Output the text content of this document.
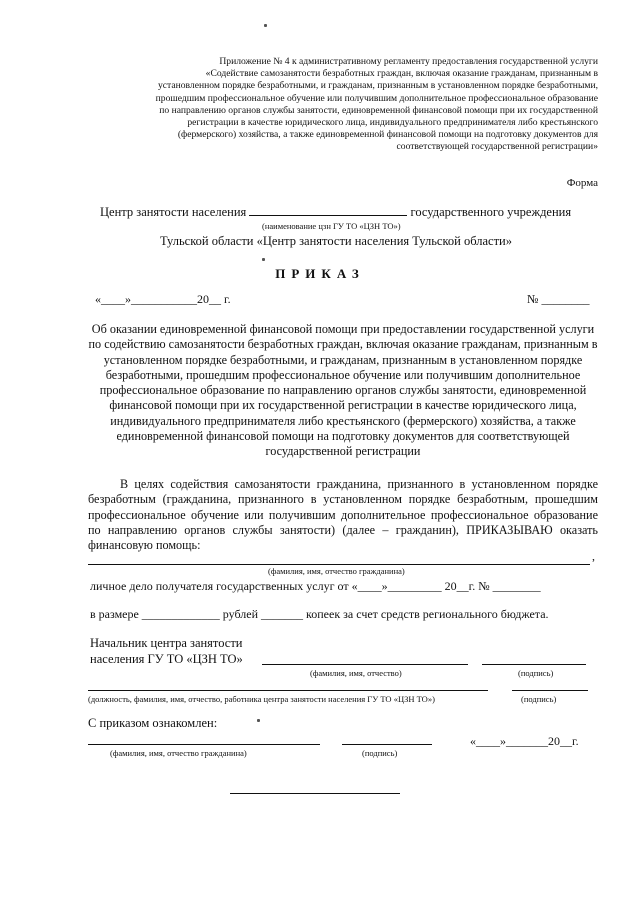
Приложение № 4 к административному регламенту предоставления государственной услуги
«Содействие самозанятости безработных граждан, включая оказание гражданам, признанным в
установленном порядке безработными, и гражданам, признанным в установленном порядке безработными,
прошедшим профессиональное обучение или получившим дополнительное профессиональное образование
по направлению органов службы занятости, единовременной финансовой помощи при их государственной
регистрации в качестве юридического лица, индивидуального предпринимателя либо крестьянского
(фермерского) хозяйства, а также единовременной финансовой помощи на подготовку документов для
соответствующей государственной регистрации»
Форма
Центр занятости населения	государственного учреждения
(наименование цзн ГУ ТО «ЦЗН ТО»)
Тульской области «Центр занятости населения Тульской области»
ПРИКАЗ
«____»___________20__ г.	№ ________
Об оказании единовременной финансовой помощи при предоставлении государственной услуги по содействию самозанятости безработных граждан, включая оказание гражданам, признанным в установленном порядке безработными, и гражданам, признанным в установленном порядке безработными, прошедшим профессиональное обучение или получившим дополнительное профессиональное образование по направлению органов службы занятости, единовременной финансовой помощи при их государственной регистрации в качестве юридического лица, индивидуального предпринимателя либо крестьянского (фермерского) хозяйства, а также единовременной финансовой помощи на подготовку документов для соответствующей государственной регистрации
В целях содействия самозанятости гражданина, признанного в установленном порядке безработным (гражданина, признанного в установленном порядке безработным, прошедшим профессиональное обучение или получившим дополнительное профессиональное образование по направлению органов службы занятости) (далее – гражданин), ПРИКАЗЫВАЮ оказать финансовую помощь:
,
(фамилия, имя, отчество гражданина)
личное дело получателя государственных услуг от «____»_________ 20__г. № ________
в размере _____________ рублей _______ копеек за счет средств регионального бюджета.
Начальник центра занятости
населения ГУ ТО «ЦЗН ТО»
(фамилия, имя, отчество)	(подпись)
(должность, фамилия, имя, отчество, работника центра занятости населения ГУ ТО «ЦЗН ТО»)	(подпись)
С приказом ознакомлен:
«____»_______20__г.
(фамилия, имя, отчество гражданина)	(подпись)
